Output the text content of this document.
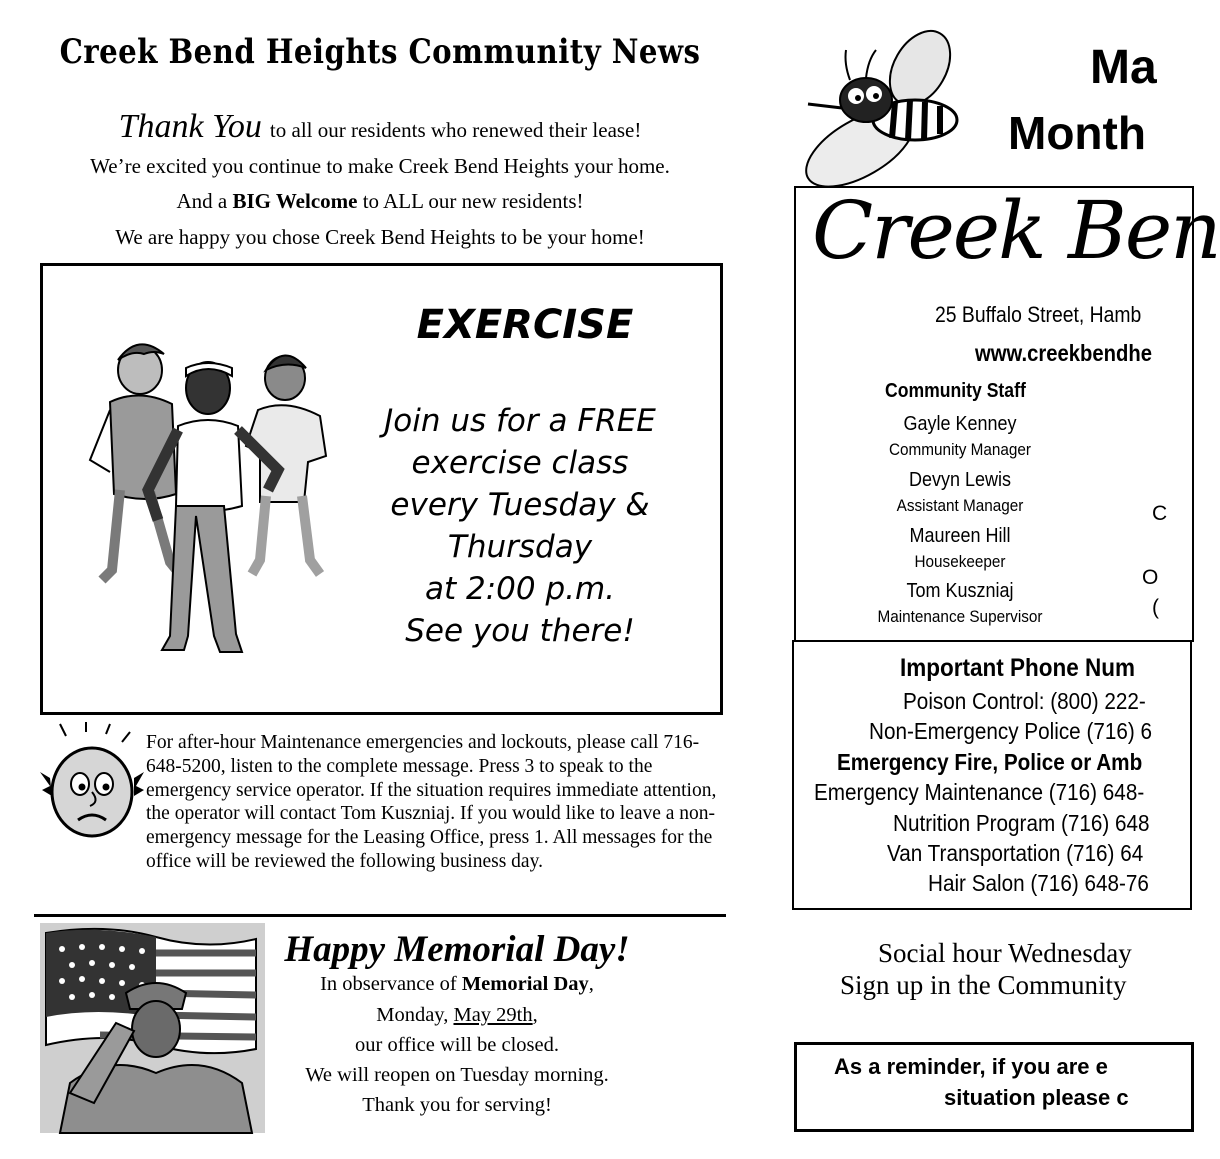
Creek Bend Heights Community News
Thank You to all our residents who renewed their lease!
We’re excited you continue to make Creek Bend Heights your home.
And a BIG Welcome to ALL our new residents!
We are happy you chose Creek Bend Heights to be your home!
EXERCISE
Join us for a FREE
exercise class
every Tuesday &
Thursday
at 2:00 p.m.
See you there!
For after-hour Maintenance emergencies and lockouts, please call 716-648-5200, listen to the complete message. Press 3 to speak to the emergency service operator. If the situation requires immediate attention, the operator will contact Tom Kuszniaj. If you would like to leave a non-emergency message for the Leasing Office, press 1. All messages for the office will be reviewed the following business day.
Happy Memorial Day!
In observance of Memorial Day,
Monday, May 29th,
our office will be closed.
We will reopen on Tuesday morning.
Thank you for serving!
Ma
Month
Creek Ben
25 Buffalo Street, Hamb
www.creekbendhe
Community Staff
Gayle Kenney
Community Manager
Devyn Lewis
Assistant Manager
Maureen Hill
Housekeeper
Tom Kuszniaj
Maintenance Supervisor
C
O
(
Important Phone Num
Poison Control: (800) 222-
Non-Emergency Police (716) 6
Emergency Fire, Police or Amb
Emergency Maintenance (716) 648-
Nutrition Program (716) 648
Van Transportation (716) 64
Hair Salon (716) 648-76
Social hour Wednesday
Sign up in the Community
As a reminder, if you are e
situation please c
